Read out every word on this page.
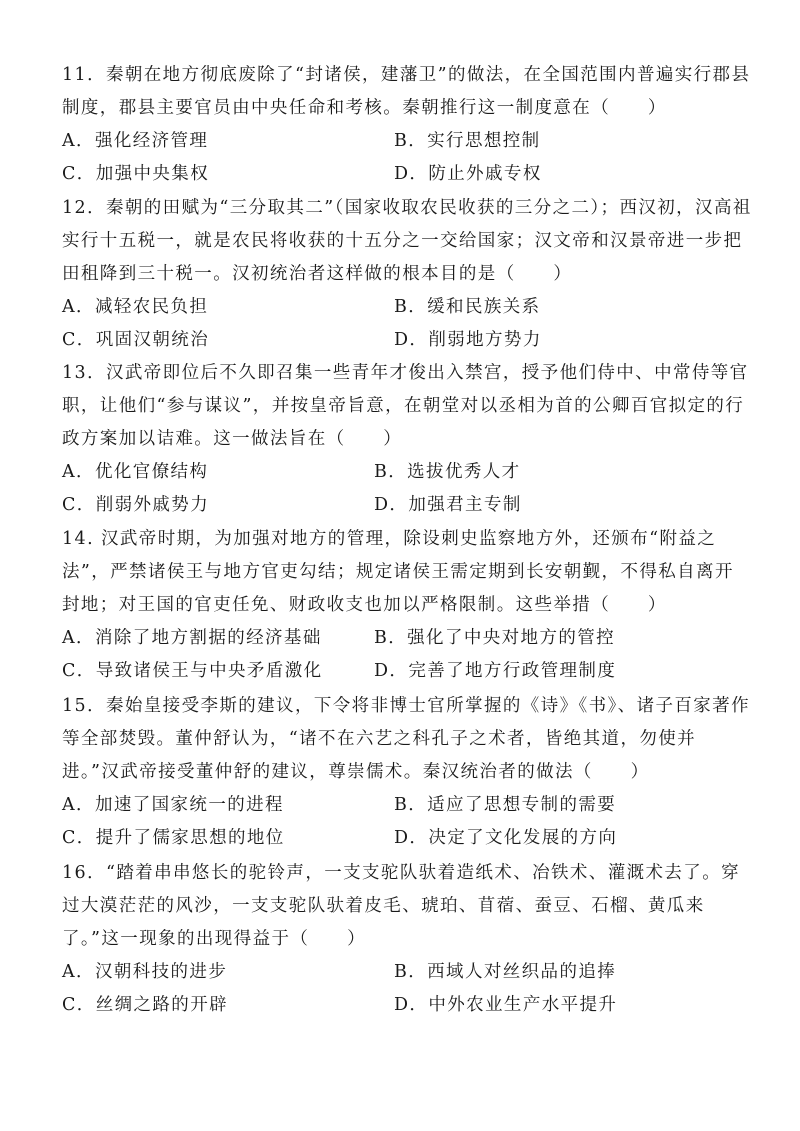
11．秦朝在地方彻底废除了“封诸侯，建藩卫”的做法，在全国范围内普遍实行郡县制度，郡县主要官员由中央任命和考核。秦朝推行这一制度意在（　　）

A．强化经济管理	B．实行思想控制
C．加强中央集权	D．防止外戚专权

12．秦朝的田赋为“三分取其二”（国家收取农民收获的三分之二）；西汉初，汉高祖实行十五税一，就是农民将收获的十五分之一交给国家；汉文帝和汉景帝进一步把田租降到三十税一。汉初统治者这样做的根本目的是（　　）

A．减轻农民负担	B．缓和民族关系
C．巩固汉朝统治	D．削弱地方势力

13．汉武帝即位后不久即召集一些青年才俊出入禁宫，授予他们侍中、中常侍等官职，让他们“参与谋议”，并按皇帝旨意，在朝堂对以丞相为首的公卿百官拟定的行政方案加以诘难。这一做法旨在（　　）

A．优化官僚结构	B．选拔优秀人才
C．削弱外戚势力	D．加强君主专制

14. 汉武帝时期，为加强对地方的管理，除设刺史监察地方外，还颁布“附益之法”，严禁诸侯王与地方官吏勾结；规定诸侯王需定期到长安朝觐，不得私自离开封地；对王国的官吏任免、财政收支也加以严格限制。这些举措（　　）

A．消除了地方割据的经济基础	B．强化了中央对地方的管控
C．导致诸侯王与中央矛盾激化	D．完善了地方行政管理制度

15．秦始皇接受李斯的建议，下令将非博士官所掌握的《诗》《书》、诸子百家著作等全部焚毁。董仲舒认为，“诸不在六艺之科孔子之术者，皆绝其道，勿使并进。”汉武帝接受董仲舒的建议，尊崇儒术。秦汉统治者的做法（　　）

A．加速了国家统一的进程	B．适应了思想专制的需要
C．提升了儒家思想的地位	D．决定了文化发展的方向

16．“踏着串串悠长的驼铃声，一支支驼队驮着造纸术、冶铁术、灌溉术去了。穿过大漠茫茫的风沙，一支支驼队驮着皮毛、琥珀、苜蓿、蚕豆、石榴、黄瓜来了。”这一现象的出现得益于（　　）

A．汉朝科技的进步	B．西域人对丝织品的追捧
C．丝绸之路的开辟	D．中外农业生产水平提升
